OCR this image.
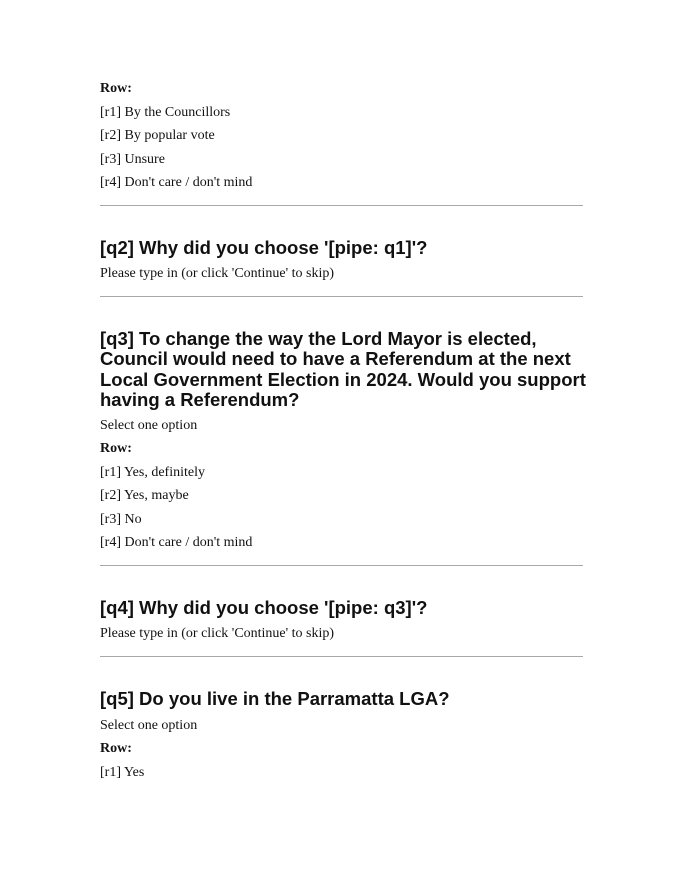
Row:
[r1] By the Councillors
[r2] By popular vote
[r3] Unsure
[r4] Don't care / don't mind
[q2] Why did you choose '[pipe: q1]'?
Please type in (or click 'Continue' to skip)
[q3] To change the way the Lord Mayor is elected,
Council would need to have a Referendum at the next
Local Government Election in 2024. Would you support
having a Referendum?
Select one option
Row:
[r1] Yes, definitely
[r2] Yes, maybe
[r3] No
[r4] Don't care / don't mind
[q4] Why did you choose '[pipe: q3]'?
Please type in (or click 'Continue' to skip)
[q5] Do you live in the Parramatta LGA?
Select one option
Row:
[r1] Yes
